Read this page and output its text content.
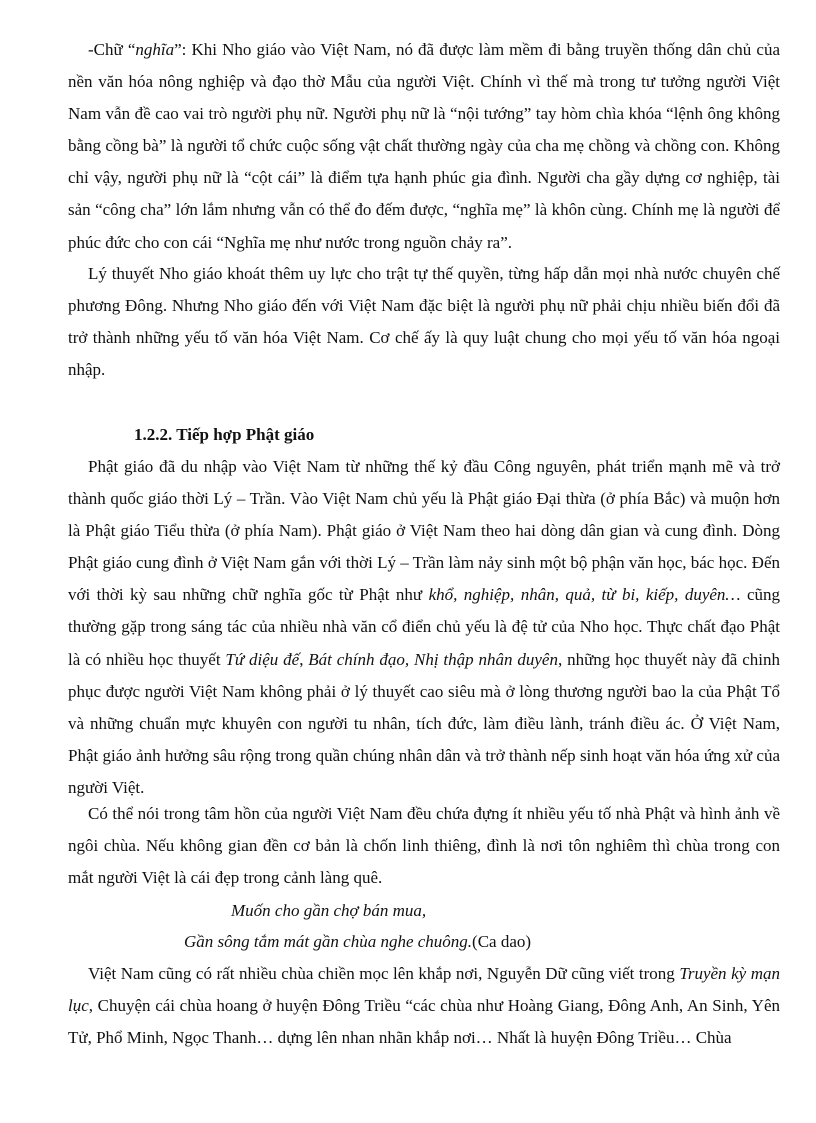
-Chữ “nghĩa”: Khi Nho giáo vào Việt Nam, nó đã được làm mềm đi bằng truyền thống dân chủ của nền văn hóa nông nghiệp và đạo thờ Mẫu của người Việt. Chính vì thế mà trong tư tưởng người Việt Nam vẫn đề cao vai trò người phụ nữ. Người phụ nữ là “nội tướng” tay hòm chìa khóa “lệnh ông không bằng cồng bà” là người tổ chức cuộc sống vật chất thường ngày của cha mẹ chồng và chồng con. Không chỉ vậy, người phụ nữ là “cột cái” là điểm tựa hạnh phúc gia đình. Người cha gầy dựng cơ nghiệp, tài sản “công cha” lớn lắm nhưng vẫn có thể đo đếm được, “nghĩa mẹ” là khôn cùng. Chính mẹ là người để phúc đức cho con cái “Nghĩa mẹ như nước trong nguồn chảy ra”.

Lý thuyết Nho giáo khoát thêm uy lực cho trật tự thế quyền, từng hấp dẫn mọi nhà nước chuyên chế phương Đông. Nhưng Nho giáo đến với Việt Nam đặc biệt là người phụ nữ phải chịu nhiều biến đổi đã trở thành những yếu tố văn hóa Việt Nam. Cơ chế ấy là quy luật chung cho mọi yếu tố văn hóa ngoại nhập.

1.2.2. Tiếp hợp Phật giáo

Phật giáo đã du nhập vào Việt Nam từ những thế kỷ đầu Công nguyên, phát triển mạnh mẽ và trở thành quốc giáo thời Lý – Trần. Vào Việt Nam chủ yếu là Phật giáo Đại thừa (ở phía Bắc) và muộn hơn là Phật giáo Tiểu thừa (ở phía Nam). Phật giáo ở Việt Nam theo hai dòng dân gian và cung đình. Dòng Phật giáo cung đình ở Việt Nam gắn với thời Lý – Trần làm nảy sinh một bộ phận văn học, bác học. Đến với thời kỳ sau những chữ nghĩa gốc từ Phật như khổ, nghiệp, nhân, quả, từ bi, kiếp, duyên… cũng thường gặp trong sáng tác của nhiều nhà văn cổ điển chủ yếu là đệ tử của Nho học. Thực chất đạo Phật là có nhiều học thuyết Tứ diệu đế, Bát chính đạo, Nhị thập nhân duyên, những học thuyết này đã chinh phục được người Việt Nam không phải ở lý thuyết cao siêu mà ở lòng thương người bao la của Phật Tổ và những chuẩn mực khuyên con người tu nhân, tích đức, làm điều lành, tránh điều ác. Ở Việt Nam, Phật giáo ảnh hưởng sâu rộng trong quần chúng nhân dân và trở thành nếp sinh hoạt văn hóa ứng xử của người Việt.

Có thể nói trong tâm hồn của người Việt Nam đều chứa đựng ít nhiều yếu tố nhà Phật và hình ảnh về ngôi chùa. Nếu không gian đền cơ bản là chốn linh thiêng, đình là nơi tôn nghiêm thì chùa trong con mắt người Việt là cái đẹp trong cảnh làng quê.

Muốn cho gần chợ bán mua,

Gần sông tắm mát gần chùa nghe chuông.(Ca dao)

Việt Nam cũng có rất nhiều chùa chiền mọc lên khắp nơi, Nguyễn Dữ cũng viết trong Truyền kỳ mạn lục, Chuyện cái chùa hoang ở huyện Đông Triều “các chùa như Hoàng Giang, Đông Anh, An Sinh, Yên Tử, Phổ Minh, Ngọc Thanh… dựng lên nhan nhãn khắp nơi… Nhất là huyện Đông Triều… Chùa
